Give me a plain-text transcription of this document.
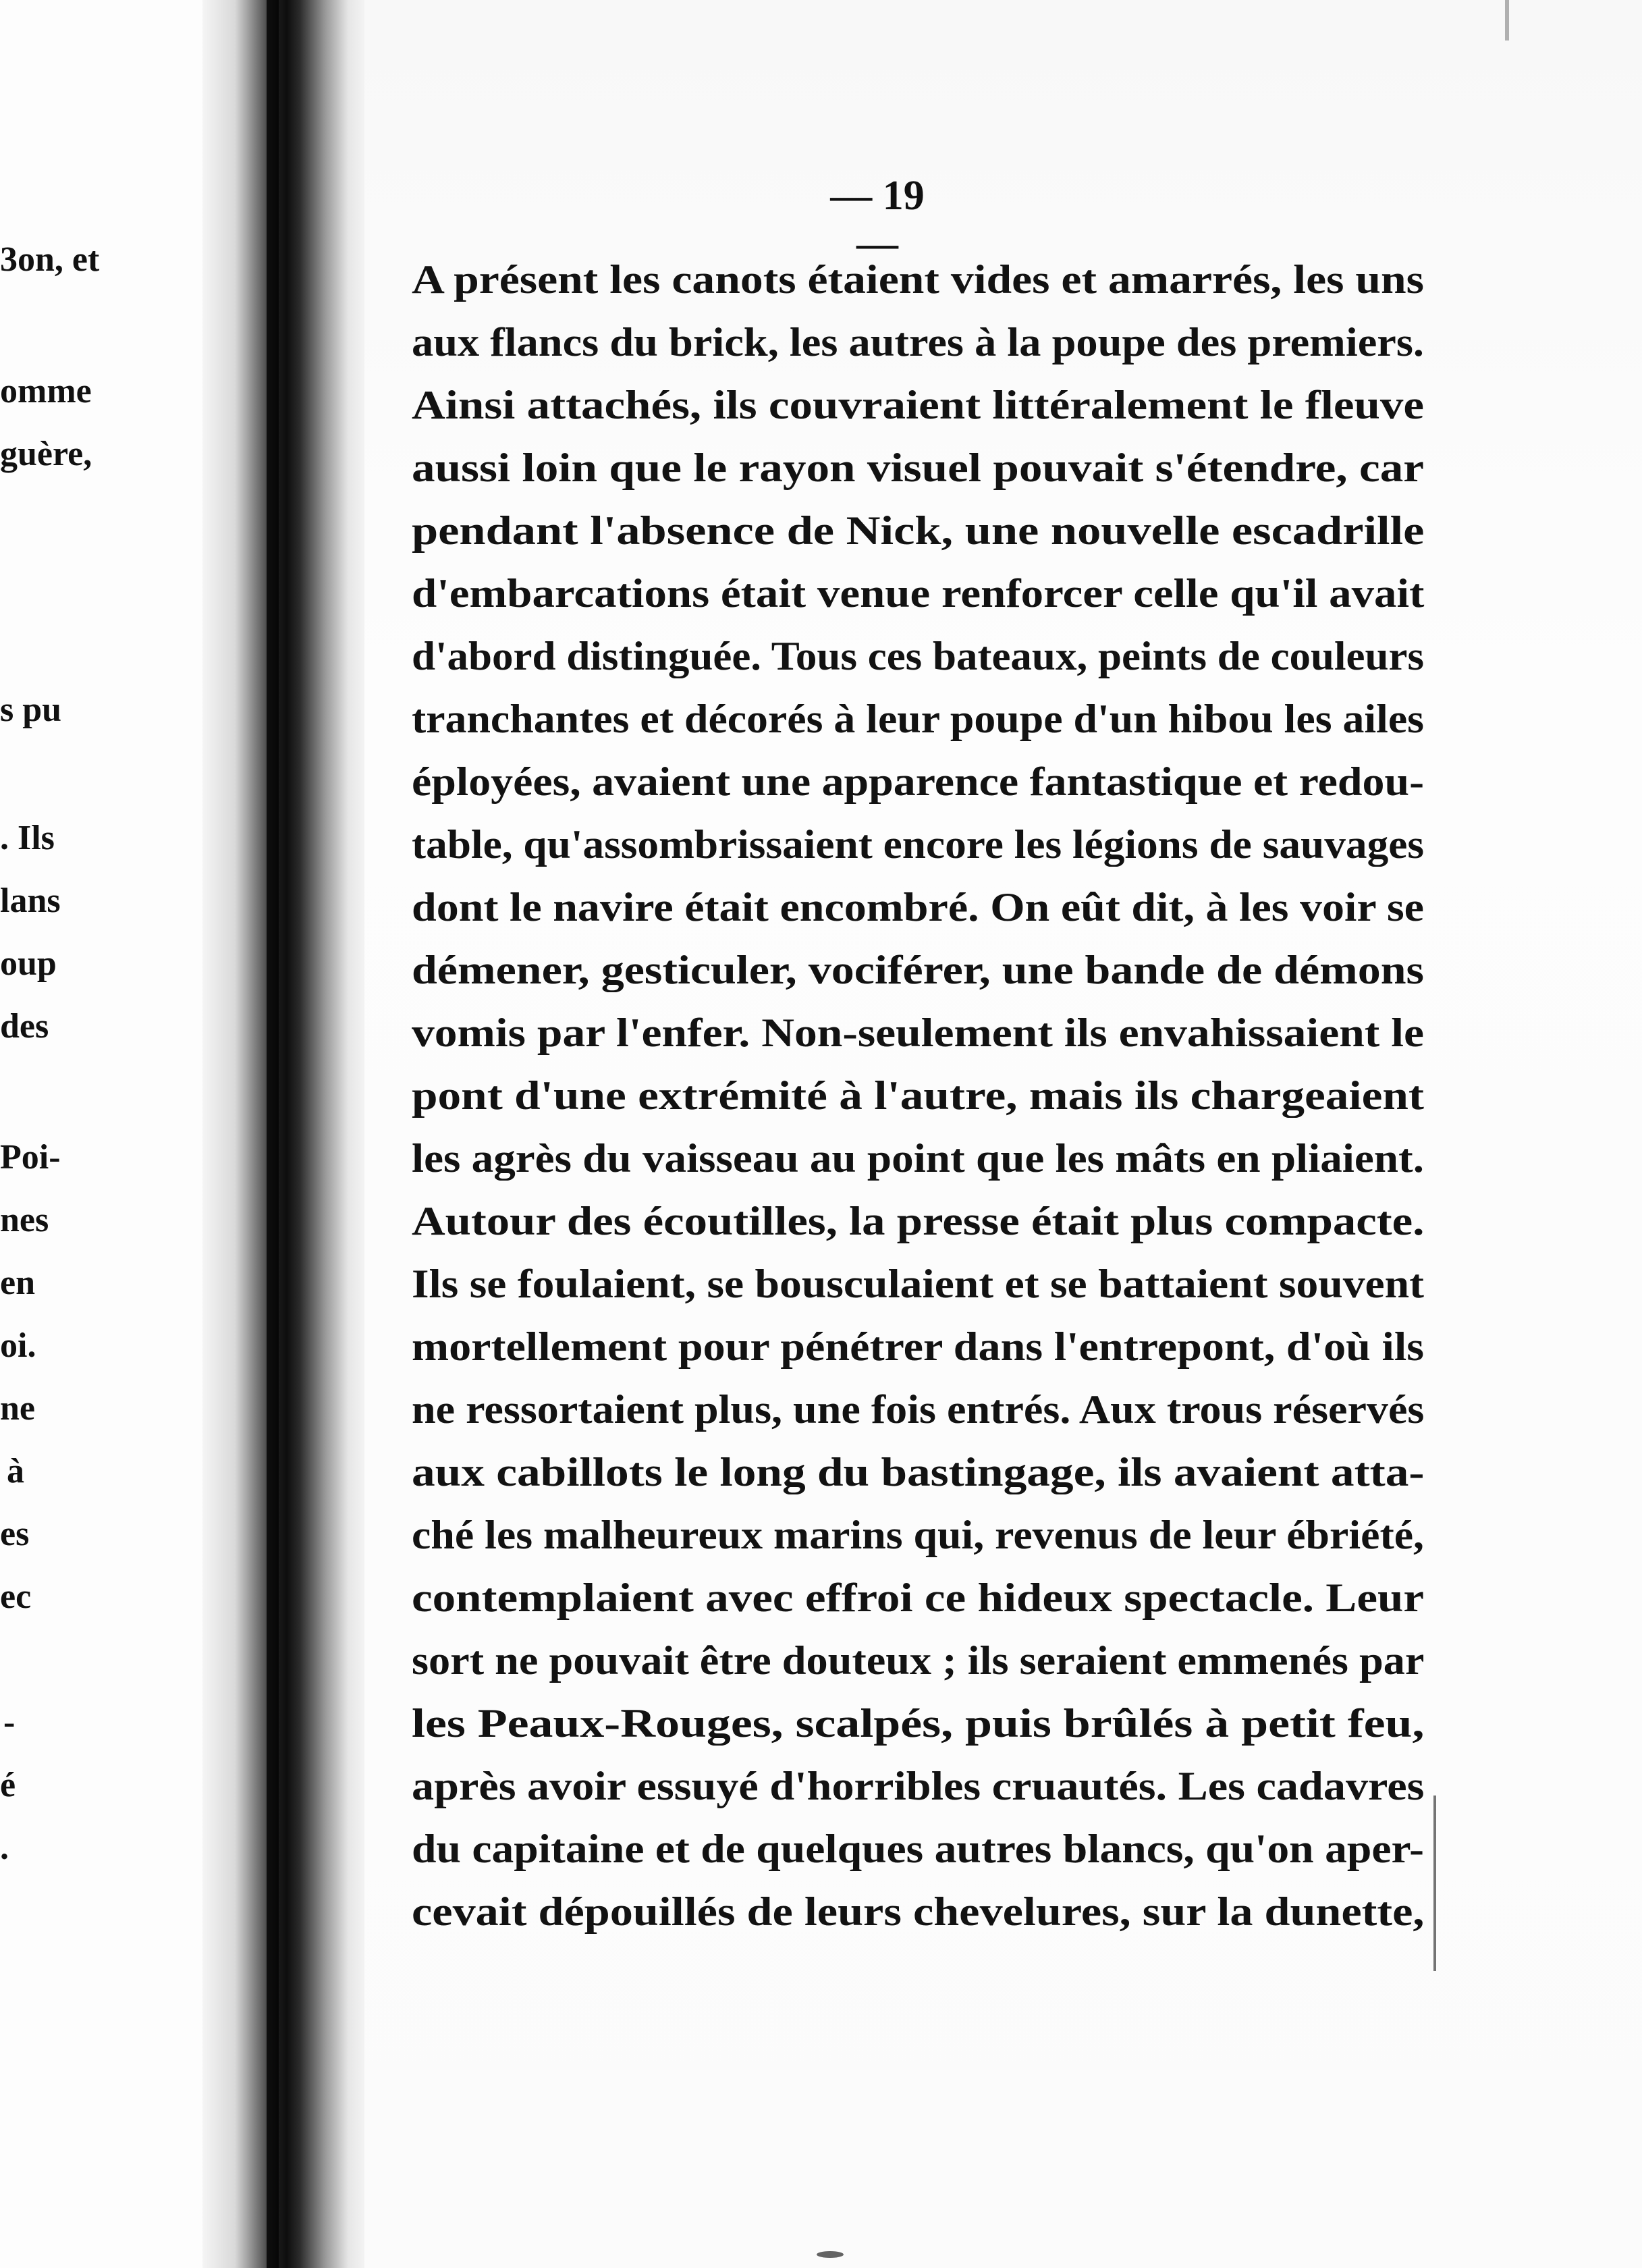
3on, et
omme
guère,
s pu
. Ils
lans
oup
des
Poi-
nes
en
oi.
ne
à
es
ec
-
é
.
— 19 —
A présent les canots étaient vides et amarrés, les uns
aux flancs du brick, les autres à la poupe des premiers.
Ainsi attachés, ils couvraient littéralement le fleuve
aussi loin que le rayon visuel pouvait s'étendre, car
pendant l'absence de Nick, une nouvelle escadrille
d'embarcations était venue renforcer celle qu'il avait
d'abord distinguée. Tous ces bateaux, peints de couleurs
tranchantes et décorés à leur poupe d'un hibou les ailes
éployées, avaient une apparence fantastique et redou-
table, qu'assombrissaient encore les légions de sauvages
dont le navire était encombré. On eût dit, à les voir se
démener, gesticuler, vociférer, une bande de démons
vomis par l'enfer. Non-seulement ils envahissaient le
pont d'une extrémité à l'autre, mais ils chargeaient
les agrès du vaisseau au point que les mâts en pliaient.
Autour des écoutilles, la presse était plus compacte.
Ils se foulaient, se bousculaient et se battaient souvent
mortellement pour pénétrer dans l'entrepont, d'où ils
ne ressortaient plus, une fois entrés. Aux trous réservés
aux cabillots le long du bastingage, ils avaient atta-
ché les malheureux marins qui, revenus de leur ébriété,
contemplaient avec effroi ce hideux spectacle. Leur
sort ne pouvait être douteux ; ils seraient emmenés par
les Peaux-Rouges, scalpés, puis brûlés à petit feu,
après avoir essuyé d'horribles cruautés. Les cadavres
du capitaine et de quelques autres blancs, qu'on aper-
cevait dépouillés de leurs chevelures, sur la dunette,
